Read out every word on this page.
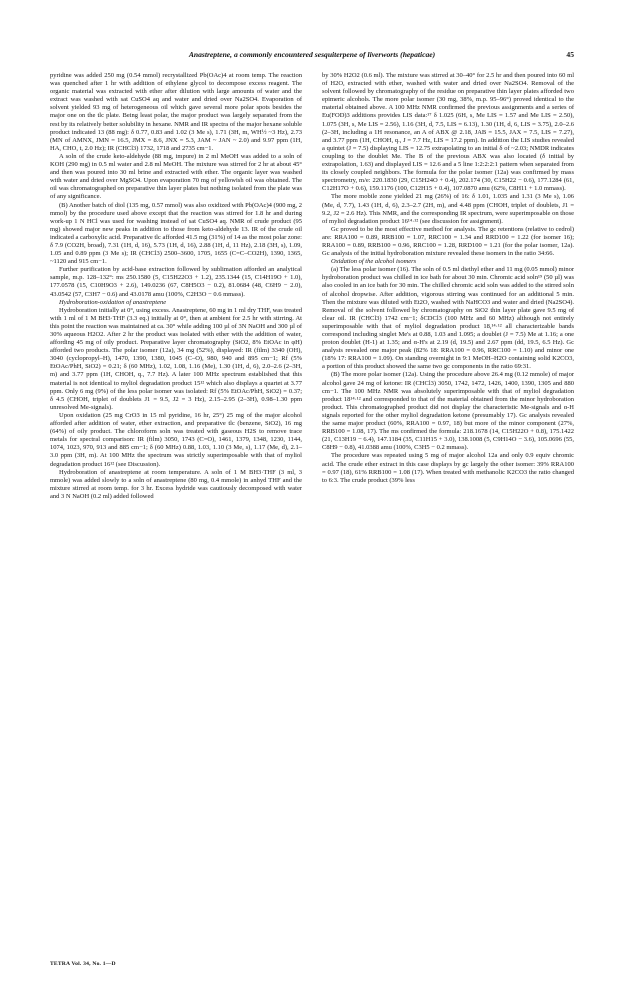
Anastreptene, a commonly encountered sesquiterpene of liverworts (hepaticae)	45

pyridine was added 250 mg (0.54 mmol) recrystallized Pb(OAc)4 at room temp. The reaction was quenched after 1 hr with addition of ethylene glycol to decompose excess reagent. The organic material was extracted with ether after dilution with large amounts of water and the extract was washed with sat CuSO4 aq and water and dried over Na2SO4. Evaporation of solvent yielded 93 mg of heterogeneous oil which gave several more polar spots besides the major one on the tlc plate. Being least polar, the major product was largely separated from the rest by its relatively better solubility in hexane. NMR and IR spectra of the major hexane soluble product indicated 13 (88 mg): δ 0.77, 0.83 and 1.02 (3 Me s), 1.71 (3H, m, WH½ ~3 Hz), 2.73 (MN of AMNX, JMN = 16.5, JMX = 8.6, JNX = 5.3, JAM ~ JAN ~ 2.0) and 9.97 ppm (1H, HA, CHO, t, 2.0 Hz); IR (CHCl3) 1732, 1718 and 2735 cm−1.

A soln of the crude keto-aldehyde (88 mg, impure) in 2 ml MeOH was added to a soln of KOH (290 mg) in 0.5 ml water and 2.8 ml MeOH. The mixture was stirred for 2 hr at about 45° and then was poured into 30 ml brine and extracted with ether. The organic layer was washed with water and dried over MgSO4. Upon evaporation 70 mg of yellowish oil was obtained. The oil was chromatographed on preparative thin layer plates but nothing isolated from the plate was of any significance.

(B) Another batch of diol (135 mg, 0.57 mmol) was also oxidized with Pb(OAc)4 (900 mg, 2 mmol) by the procedure used above except that the reaction was stirred for 1.8 hr and during work-up 1 N HCl was used for washing instead of sat CuSO4 aq. NMR of crude product (95 mg) showed major new peaks in addition to those from keto-aldehyde 13. IR of the crude oil indicated a carboxylic acid. Preparative tlc afforded 41.5 mg (31%) of 14 as the most polar zone: δ 7.9 (CO2H, broad), 7.31 (1H, d, 16), 5.73 (1H, d, 16), 2.88 (1H, d, 11 Hz), 2.18 (3H, s), 1.09, 1.05 and 0.89 ppm (3 Me s); IR (CHCl3) 2500–3600, 1705, 1655 (C=C–CO2H), 1390, 1365, ~1120 and 915 cm−1.

Further purification by acid-base extraction followed by sublimation afforded an analytical sample, m.p. 128–132°: ms 250.1580 (5, C15H22O3 + 1.2), 235.1344 (15, C14H19O + 1.0), 177.0578 (15, C10H9O3 + 2.6), 149.0236 (67, C8H5O3 − 0.2), 81.0684 (48, C6H9 − 2.0), 43.0542 (57, C3H7 − 0.6) and 43.0178 amu (100%, C2H3O − 0.6 mmass).

Hydroboration-oxidation of anastreptene

Hydroboration initially at 0°, using excess. Anastreptene, 60 mg in 1 ml dry THF, was treated with 1 ml of 1 M BH3·THF (3.3 eq.) initially at 0°, then at ambient for 2.5 hr with stirring. At this point the reaction was maintained at ca. 30° while adding 100 µl of 3N NaOH and 300 µl of 30% aqueous H2O2. After 2 hr the product was isolated with ether with the addition of water, affording 45 mg of oily product. Preparative layer chromatography (SiO2, 8% EtOAc in φH) afforded two products. The polar isomer (12a), 34 mg (52%), displayed: IR (film) 3340 (OH), 3040 (cyclopropyl–H), 1470, 1390, 1380, 1045 (C–O), 980, 940 and 895 cm−1; Rf (5% EtOAc/PhH, SiO2) = 0.21; δ (60 MHz), 1.02, 1.08, 1.16 (Me), 1.30 (1H, d, 6), 2.0–2.6 (2–3H, m) and 3.77 ppm (1H, CHOH, q., 7.7 Hz). A later 100 MHz spectrum established that this material is not identical to myliol degradation product 15¹² which also displays a quartet at 3.77 ppm. Only 6 mg (9%) of the less polar isomer was isolated: Rf (5% EtOAc/PhH, SiO2) = 0.37; δ 4.5 (CHOH, triplet of doublets J1 = 9.5, J2 = 3 Hz), 2.15–2.95 (2–3H), 0.98–1.30 ppm unresolved Me-signals).

Upon oxidation (25 mg CrO3 in 15 ml pyridine, 16 hr, 25°) 25 mg of the major alcohol afforded after addition of water, ether extraction, and preparative tlc (benzene, SiO2), 16 mg (64%) of oily product. The chloroform soln was treated with gaseous H2S to remove trace metals for spectral comparison: IR (film) 3050, 1743 (C=O), 1461, 1379, 1348, 1230, 1144, 1074, 1023, 970, 913 and 885 cm−1; δ (60 MHz) 0.88, 1.03, 1.10 (3 Me, s), 1.17 (Me, d), 2.1–3.0 ppm (3H, m). At 100 MHz the spectrum was strictly superimposable with that of myliol degradation product 16¹² (see Discussion).

Hydroboration of anastreptene at room temperature. A soln of 1 M BH3·THF (3 ml, 3 mmole) was added slowly to a soln of anastreptene (80 mg, 0.4 mmole) in anhyd THF and the mixture stirred at room temp. for 3 hr. Excess hydride was cautiously decomposed with water and 3 N NaOH (0.2 ml) added followed

by 30% H2O2 (0.6 ml). The mixture was stirred at 30–40° for 2.5 hr and then poured into 60 ml of H2O, extracted with ether, washed with water and dried over Na2SO4. Removal of the solvent followed by chromatography of the residue on preparative thin layer plates afforded two epimeric alcohols. The more polar isomer (30 mg, 38%, m.p. 95–96°) proved identical to the material obtained above. A 100 MHz NMR confirmed the previous assignments and a series of Eu(FOD)3 additions provides LIS data:¹⁷ δ 1.025 (6H, s, Me LIS = 1.57 and Me LIS = 2.50), 1.075 (3H, s, Me LIS = 2.56), 1.16 (3H, d, 7.5, LIS = 6.13), 1.30 (1H, d, 6, LIS = 3.75), 2.0–2.6 (2–3H, including a 1H resonance, an A of ABX @ 2.18, JAB = 15.5, JAX = 7.5, LIS = 7.27), and 3.77 ppm (1H, CHOH, q., J = 7.7 Hz, LIS = 17.2 ppm). In addition the LIS studies revealed a quintet (J = 7.5) displaying LIS = 12.75 extrapolating to an initial δ of ~2.03; NMDR indicates coupling to the doublet Me. The B of the previous ABX was also located (δ initial by extrapolation, 1.63) and displayed LIS = 12.6 and a 5 line 1:2:2:2:1 pattern when separated from its closely coupled neighbors. The formula for the polar isomer (12a) was confirmed by mass spectrometry, m/e: 220.1830 (29, C15H24O + 0.4), 202.174 (30, C15H22 − 0.6), 177.1284 (61, C12H17O + 0.6), 159.1176 (100, C12H15 + 0.4), 107.0870 amu (62%, C8H11 + 1.0 mmass).

The more mobile zone yielded 21 mg (26%) of 16: δ 1.01, 1.035 and 1.31 (3 Me s), 1.06 (Me, d, 7.7), 1.43 (1H, d, 6), 2.3–2.7 (2H, m), and 4.48 ppm (CHOH, triplet of doublets, J1 = 9.2, J2 = 2.6 Hz). This NMR, and the corresponding IR spectrum, were superimposable on those of myliol degradation product 16¹⁴·¹² (see discussion for assignment).

Gc proved to be the most effective method for analysis. The gc retentions (relative to cedrol) are: RRA100 = 0.89, RRB100 = 1.07, RRC100 = 1.34 and RRD100 = 1.22 (for isomer 16); RRA100 = 0.89, RRB100 = 0.96, RRC100 = 1.28, RRD100 = 1.21 (for the polar isomer, 12a). Gc analysis of the initial hydroboration mixture revealed these isomers in the ratio 34:66.

Oxidation of the alcohol isomers

(a) The less polar isomer (16). The soln of 0.5 ml diethyl ether and 11 mg (0.05 mmol) minor hydroboration product was chilled in ice bath for about 30 min. Chromic acid soln¹⁹ (50 µl) was also cooled in an ice bath for 30 min. The chilled chromic acid soln was added to the stirred soln of alcohol dropwise. After addition, vigorous stirring was continued for an additional 5 min. Then the mixture was diluted with Et2O, washed with NaHCO3 and water and dried (Na2SO4). Removal of the solvent followed by chromatography on SiO2 thin layer plate gave 9.5 mg of clear oil. IR (CHCl3) 1742 cm−1; δCDCl3 (100 MHz and 60 MHz) although not entirely superimposable with that of myliol degradation product 18,¹⁴·¹² all characterizable bands correspond including singlet Me's at 0.88, 1.03 and 1.095; a doublet (J = 7.5) Me at 1.16; a one proton doublet (H-1) at 1.35; and α-H's at 2.19 (d, 19.5) and 2.67 ppm (dd, 19.5, 6.5 Hz). Gc analysis revealed one major peak (82% 18: RRA100 = 0.96, RRC100 = 1.10) and minor one (18% 17: RRA100 = 1.09). On standing overnight in 9:1 MeOH–H2O containing solid K2CO3, a portion of this product showed the same two gc components in the ratio 69:31.

(B) The more polar isomer (12a). Using the procedure above 26.4 mg (0.12 mmole) of major alcohol gave 24 mg of ketone: IR (CHCl3) 3050, 1742, 1472, 1426, 1400, 1390, 1305 and 880 cm−1. The 100 MHz NMR was absolutely superimposable with that of myliol degradation product 18¹⁴·¹² and corresponded to that of the material obtained from the minor hydroboration product. This chromatographed product did not display the characteristic Me-signals and α-H signals reported for the other myliol degradation ketone (presumably 17). Gc analysis revealed the same major product (60%, RRA100 = 0.97, 18) but more of the minor component (27%, RRB100 = 1.08, 17). The ms confirmed the formula: 218.1678 (14, C15H22O + 0.8), 175.1422 (21, C13H19 − 6.4), 147.1184 (35, C11H15 + 3.0), 138.1008 (5, C9H14O − 3.6), 105.0696 (55, C8H9 − 0.8), 41.0388 amu (100%, C3H5 − 0.2 mmass).

The procedure was repeated using 5 mg of major alcohol 12a and only 0.9 equiv chromic acid. The crude ether extract in this case displays by gc largely the other isomer: 39% RRA100 = 0.97 (18), 61% RRB100 = 1.08 (17). When treated with methanolic K2CO3 the ratio changed to 6:3. The crude product (39% less

TETRA Vol. 34, No. 1—D
